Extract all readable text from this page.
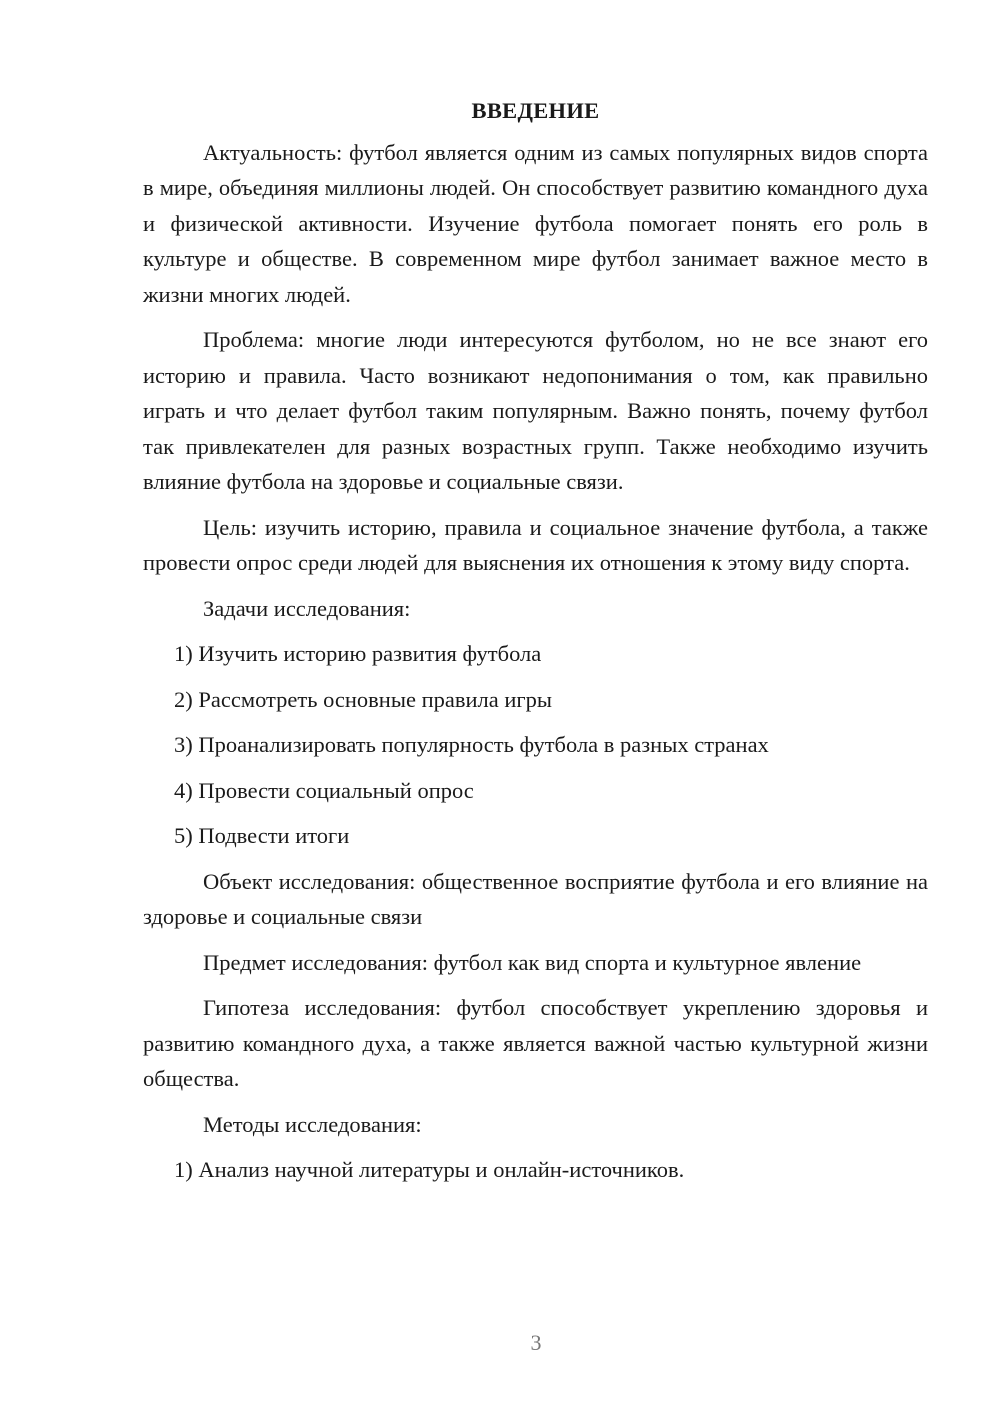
ВВЕДЕНИЕ

Актуальность: футбол является одним из самых популярных видов спорта в мире, объединяя миллионы людей. Он способствует развитию командного духа и физической активности. Изучение футбола помогает понять его роль в культуре и обществе. В современном мире футбол занимает важное место в жизни многих людей.

Проблема: многие люди интересуются футболом, но не все знают его историю и правила. Часто возникают недопонимания о том, как правильно играть и что делает футбол таким популярным. Важно понять, почему футбол так привлекателен для разных возрастных групп. Также необходимо изучить влияние футбола на здоровье и социальные связи.

Цель: изучить историю, правила и социальное значение футбола, а также провести опрос среди людей для выяснения их отношения к этому виду спорта.

Задачи исследования:

1) Изучить историю развития футбола
2) Рассмотреть основные правила игры
3) Проанализировать популярность футбола в разных странах
4) Провести социальный опрос
5) Подвести итоги

Объект исследования: общественное восприятие футбола и его влияние на здоровье и социальные связи

Предмет исследования: футбол как вид спорта и культурное явление

Гипотеза исследования: футбол способствует укреплению здоровья и развитию командного духа, а также является важной частью культурной жизни общества.

Методы исследования:

1) Анализ научной литературы и онлайн-источников.
3
